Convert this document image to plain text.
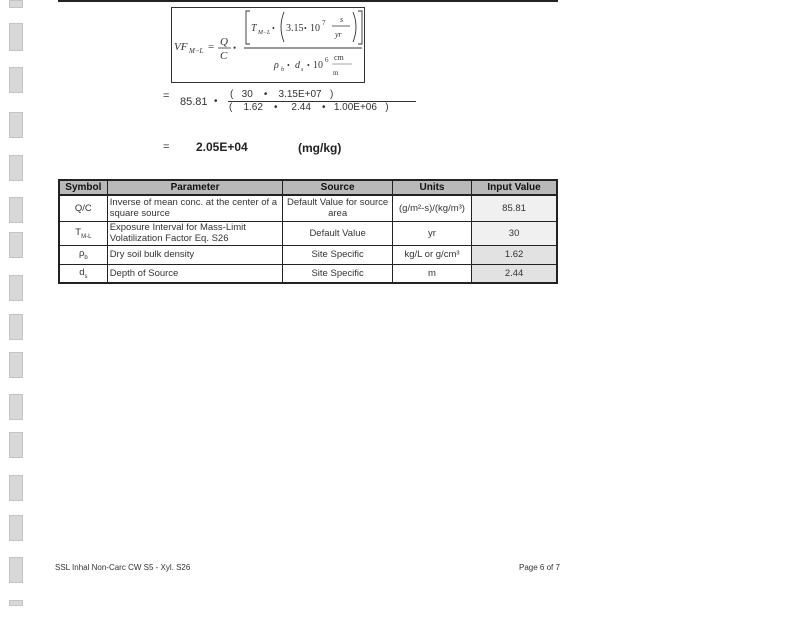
VF M−L = Q
C
•
T M−L • 3.15 • 10 7 s
yr
ρ b • d s • 10 6 cm
m
= 85.81 •
(   30    •    3.15E+07   )
(    1.62    •     2.44    •   1.00E+06   )
= 2.05E+04	(mg/kg)
Symbol	Parameter	Source	Units	Input Value
Q/C	Inverse of mean conc. at the center of a square source	Default Value for source area	(g/m²-s)/(kg/m³)	85.81
$T_{M-L}$	Exposure Interval for Mass-Limit Volatilization Factor Eq. S26	Default Value	yr	30
$\rho_b$	Dry soil bulk density	Site Specific	kg/L or g/cm³	1.62
$d_s$	Depth of Source	Site Specific	m	2.44
SSL Inhal Non-Carc CW S5 - Xyl. S26	Page 6 of 7
